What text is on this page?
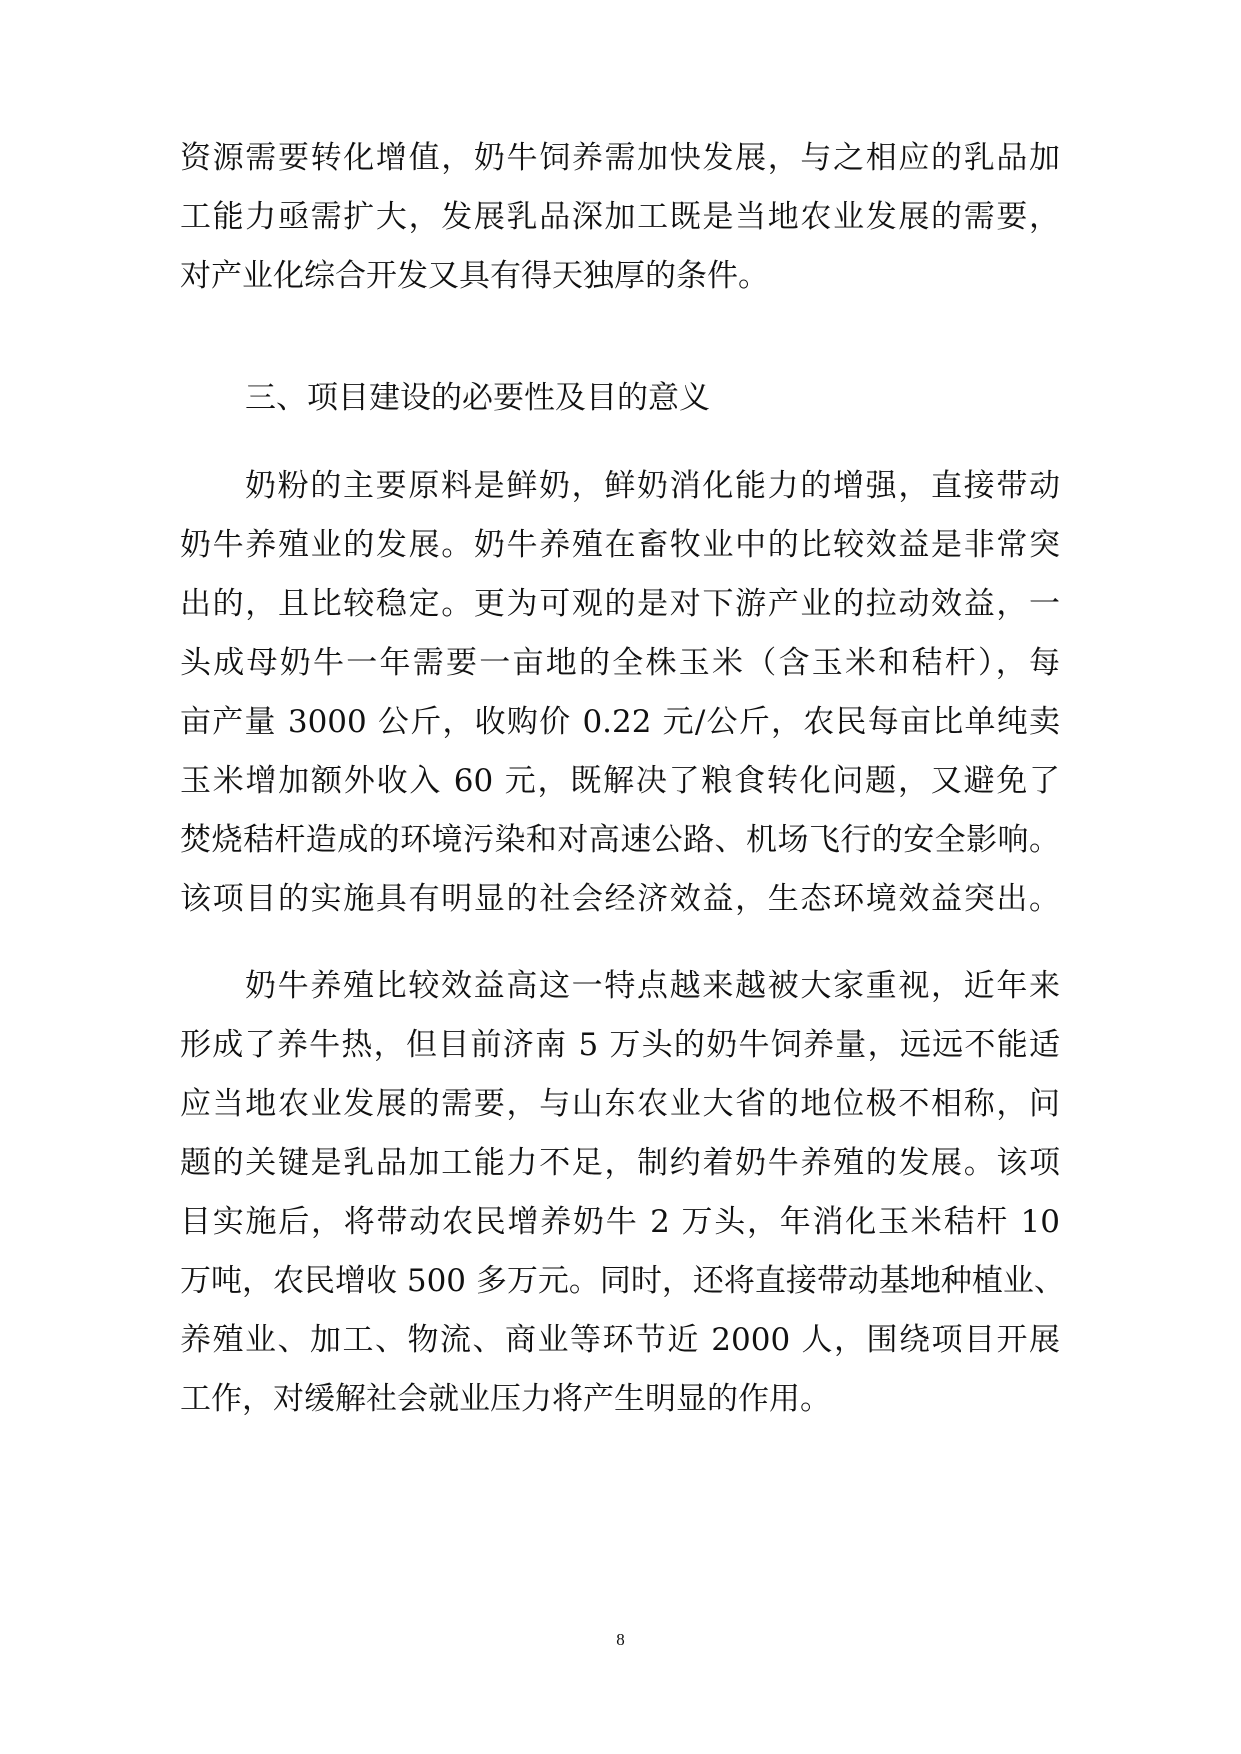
资源需要转化增值，奶牛饲养需加快发展，与之相应的乳品加
工能力亟需扩大，发展乳品深加工既是当地农业发展的需要，
对产业化综合开发又具有得天独厚的条件。
三、项目建设的必要性及目的意义
奶粉的主要原料是鲜奶，鲜奶消化能力的增强，直接带动
奶牛养殖业的发展。奶牛养殖在畜牧业中的比较效益是非常突
出的，且比较稳定。更为可观的是对下游产业的拉动效益，一
头成母奶牛一年需要一亩地的全株玉米（含玉米和秸杆），每
亩产量 3000 公斤，收购价 0.22 元/公斤，农民每亩比单纯卖
玉米增加额外收入 60 元，既解决了粮食转化问题，又避免了
焚烧秸杆造成的环境污染和对高速公路、机场飞行的安全影响。
该项目的实施具有明显的社会经济效益，生态环境效益突出。
奶牛养殖比较效益高这一特点越来越被大家重视，近年来
形成了养牛热，但目前济南 5 万头的奶牛饲养量，远远不能适
应当地农业发展的需要，与山东农业大省的地位极不相称，问
题的关键是乳品加工能力不足，制约着奶牛养殖的发展。该项
目实施后，将带动农民增养奶牛 2 万头，年消化玉米秸杆 10
万吨，农民增收 500 多万元。同时，还将直接带动基地种植业、
养殖业、加工、物流、商业等环节近 2000 人，围绕项目开展
工作，对缓解社会就业压力将产生明显的作用。
8
